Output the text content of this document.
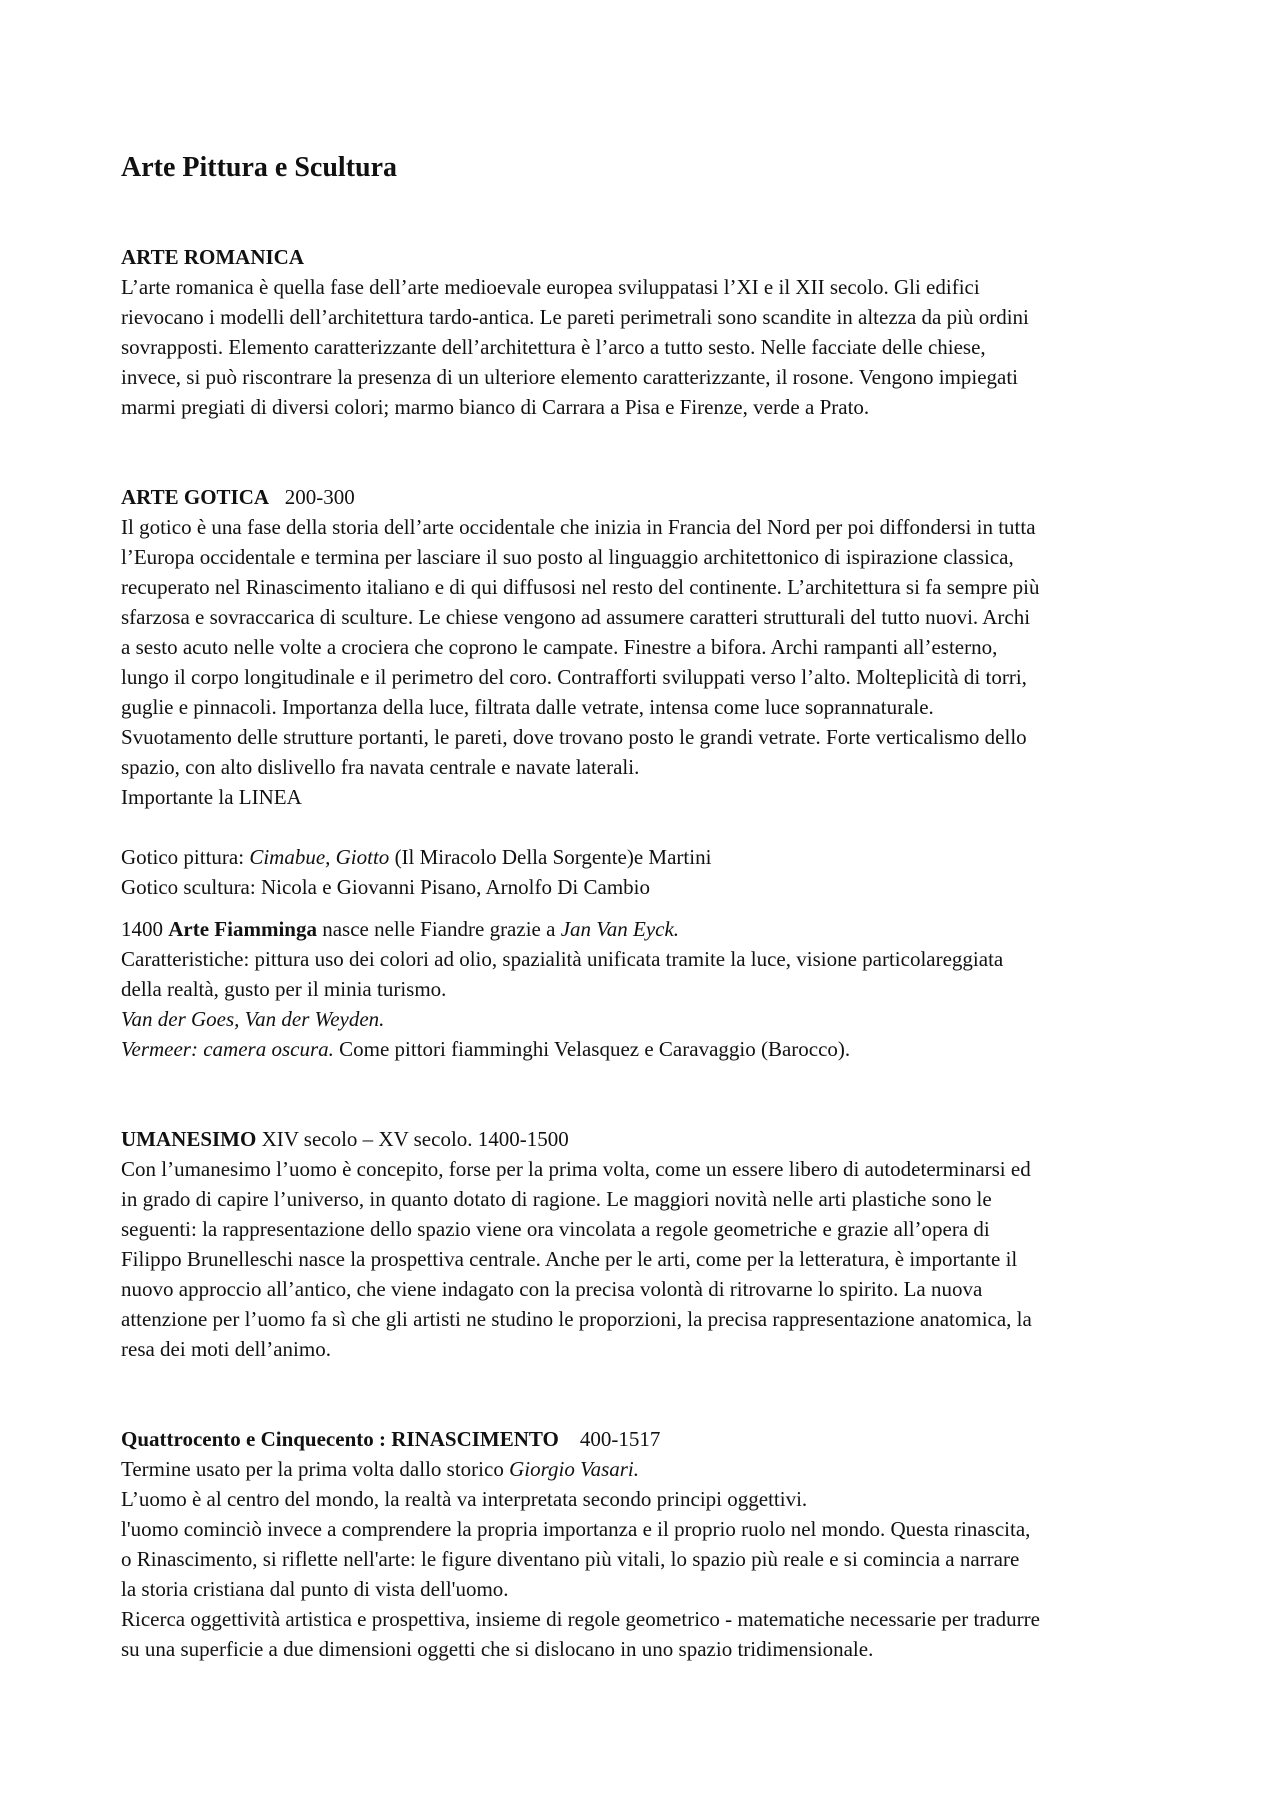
Arte Pittura e Scultura

ARTE ROMANICA

L’arte romanica è quella fase dell’arte medioevale europea sviluppatasi l’XI e il XII secolo. Gli edifici

rievocano i modelli dell’architettura tardo-antica. Le pareti perimetrali sono scandite in altezza da più ordini

sovrapposti. Elemento caratterizzante dell’architettura è l’arco a tutto sesto. Nelle facciate delle chiese,

invece, si può riscontrare la presenza di un ulteriore elemento caratterizzante, il rosone. Vengono impiegati

marmi pregiati di diversi colori; marmo bianco di Carrara a Pisa e Firenze, verde a Prato.

ARTE GOTICA 200-300

Il gotico è una fase della storia dell’arte occidentale che inizia in Francia del Nord per poi diffondersi in tutta

l’Europa occidentale e termina per lasciare il suo posto al linguaggio architettonico di ispirazione classica,

recuperato nel Rinascimento italiano e di qui diffusosi nel resto del continente. L’architettura si fa sempre più

sfarzosa e sovraccarica di sculture. Le chiese vengono ad assumere caratteri strutturali del tutto nuovi. Archi

a sesto acuto nelle volte a crociera che coprono le campate. Finestre a bifora. Archi rampanti all’esterno,

lungo il corpo longitudinale e il perimetro del coro. Contrafforti sviluppati verso l’alto. Molteplicità di torri,

guglie e pinnacoli. Importanza della luce, filtrata dalle vetrate, intensa come luce soprannaturale.

Svuotamento delle strutture portanti, le pareti, dove trovano posto le grandi vetrate. Forte verticalismo dello

spazio, con alto dislivello fra navata centrale e navate laterali.

Importante la LINEA

Gotico pittura: Cimabue, Giotto (Il Miracolo Della Sorgente)e Martini

Gotico scultura: Nicola e Giovanni Pisano, Arnolfo Di Cambio

1400 Arte Fiamminga nasce nelle Fiandre grazie a Jan Van Eyck.

Caratteristiche: pittura uso dei colori ad olio, spazialità unificata tramite la luce, visione particolareggiata

della realtà, gusto per il minia turismo.

Van der Goes, Van der Weyden.

Vermeer: camera oscura. Come pittori fiamminghi Velasquez e Caravaggio (Barocco).

UMANESIMO XIV secolo – XV secolo. 1400-1500

Con l’umanesimo l’uomo è concepito, forse per la prima volta, come un essere libero di autodeterminarsi ed

in grado di capire l’universo, in quanto dotato di ragione. Le maggiori novità nelle arti plastiche sono le

seguenti: la rappresentazione dello spazio viene ora vincolata a regole geometriche e grazie all’opera di

Filippo Brunelleschi nasce la prospettiva centrale. Anche per le arti, come per la letteratura, è importante il

nuovo approccio all’antico, che viene indagato con la precisa volontà di ritrovarne lo spirito. La nuova

attenzione per l’uomo fa sì che gli artisti ne studino le proporzioni, la precisa rappresentazione anatomica, la

resa dei moti dell’animo.

Quattrocento e Cinquecento : RINASCIMENTO 400-1517

Termine usato per la prima volta dallo storico Giorgio Vasari.

L’uomo è al centro del mondo, la realtà va interpretata secondo principi oggettivi.

l'uomo cominciò invece a comprendere la propria importanza e il proprio ruolo nel mondo. Questa rinascita,

o Rinascimento, si riflette nell'arte: le figure diventano più vitali, lo spazio più reale e si comincia a narrare

la storia cristiana dal punto di vista dell'uomo.

Ricerca oggettività artistica e prospettiva, insieme di regole geometrico - matematiche necessarie per tradurre

su una superficie a due dimensioni oggetti che si dislocano in uno spazio tridimensionale.
